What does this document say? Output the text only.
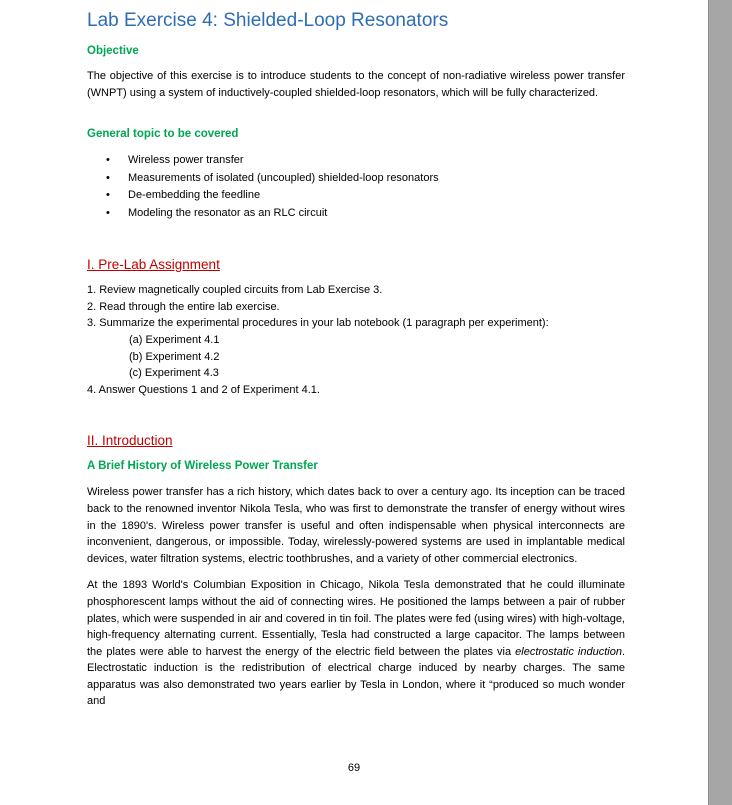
Lab Exercise 4: Shielded-Loop Resonators
Objective

The objective of this exercise is to introduce students to the concept of non-radiative wireless power transfer (WNPT) using a system of inductively-coupled shielded-loop resonators, which will be fully characterized.

General topic to be covered
• Wireless power transfer
• Measurements of isolated (uncoupled) shielded-loop resonators
• De-embedding the feedline
• Modeling the resonator as an RLC circuit
I. Pre-Lab Assignment
1. Review magnetically coupled circuits from Lab Exercise 3.
2. Read through the entire lab exercise.
3. Summarize the experimental procedures in your lab notebook (1 paragraph per experiment):
(a) Experiment 4.1
(b) Experiment 4.2
(c) Experiment 4.3
4. Answer Questions 1 and 2 of Experiment 4.1.
II. Introduction
A Brief History of Wireless Power Transfer

Wireless power transfer has a rich history, which dates back to over a century ago. Its inception can be traced back to the renowned inventor Nikola Tesla, who was first to demonstrate the transfer of energy without wires in the 1890's. Wireless power transfer is useful and often indispensable when physical interconnects are inconvenient, dangerous, or impossible. Today, wirelessly-powered systems are used in implantable medical devices, water filtration systems, electric toothbrushes, and a variety of other commercial electronics.

At the 1893 World's Columbian Exposition in Chicago, Nikola Tesla demonstrated that he could illuminate phosphorescent lamps without the aid of connecting wires. He positioned the lamps between a pair of rubber plates, which were suspended in air and covered in tin foil. The plates were fed (using wires) with high-voltage, high-frequency alternating current. Essentially, Tesla had constructed a large capacitor. The lamps between the plates were able to harvest the energy of the electric field between the plates via electrostatic induction. Electrostatic induction is the redistribution of electrical charge induced by nearby charges. The same apparatus was also demonstrated two years earlier by Tesla in London, where it “produced so much wonder and

69
